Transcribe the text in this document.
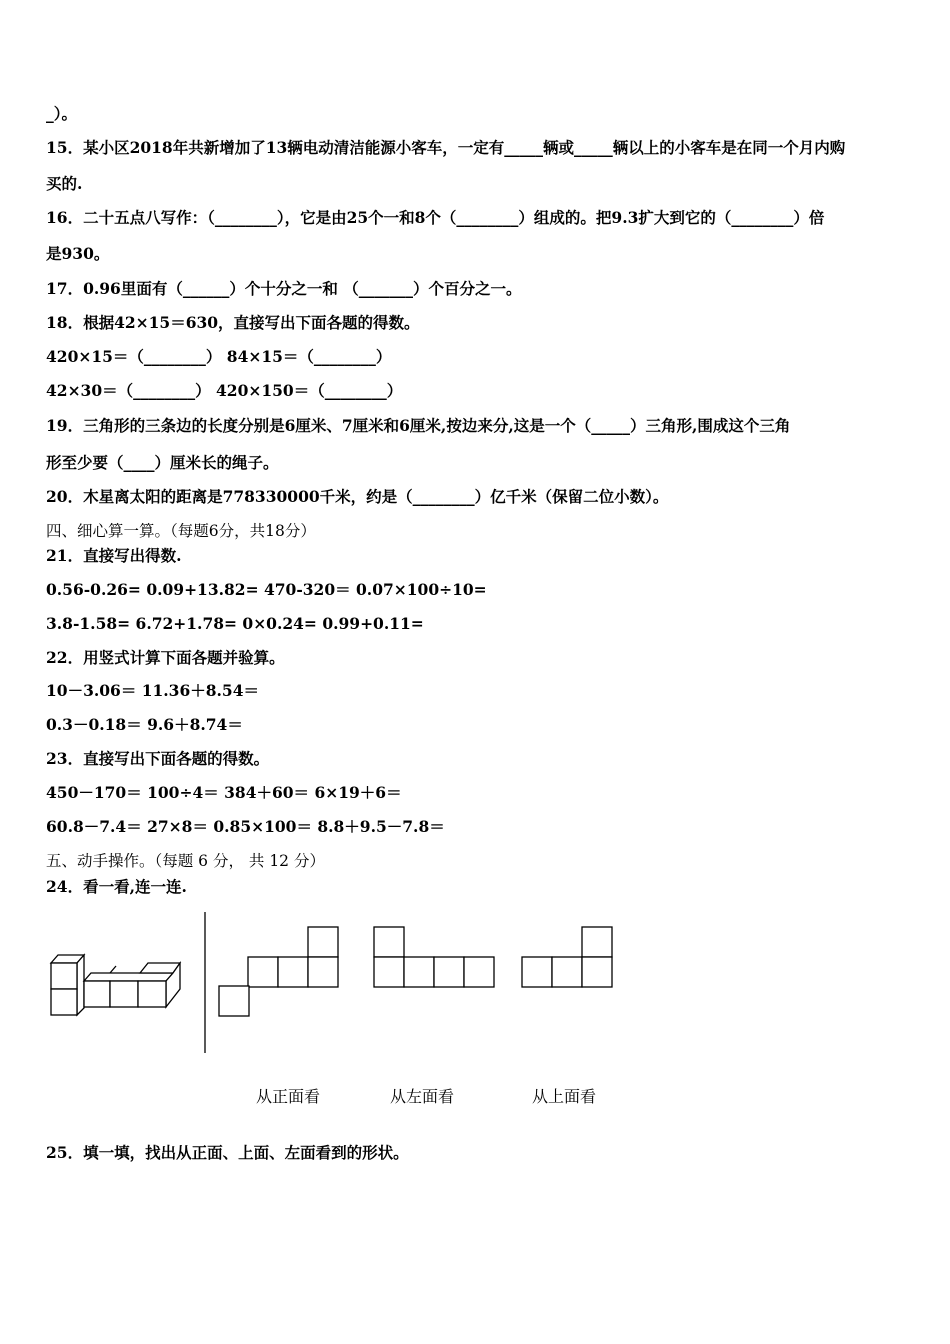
_）。
15．某小区2018年共新增加了13辆电动清洁能源小客车，一定有_____辆或_____辆以上的小客车是在同一个月内购
买的.
16．二十五点八写作：（________），它是由25个一和8个（________）组成的。把9.3扩大到它的（________）倍
是930。
17．0.96里面有（______）个十分之一和 （_______）个百分之一。
18．根据42×15＝630，直接写出下面各题的得数。
420×15＝（________） 84×15＝（________）
42×30＝（________） 420×150＝（________）
19．三角形的三条边的长度分别是6厘米、7厘米和6厘米,按边来分,这是一个（_____）三角形,围成这个三角
形至少要（____）厘米长的绳子。
20．木星离太阳的距离是778330000千米，约是（________）亿千米（保留二位小数）。
四、细心算一算。（每题6分，共18分）
21．直接写出得数.
0.56-0.26= 0.09+13.82= 470-320＝ 0.07×100÷10=
3.8-1.58= 6.72+1.78= 0×0.24= 0.99+0.11=
22．用竖式计算下面各题并验算。
10－3.06＝ 11.36＋8.54＝
0.3－0.18＝ 9.6＋8.74＝
23．直接写出下面各题的得数。
450－170＝ 100÷4＝ 384＋60＝ 6×19＋6＝
60.8－7.4＝ 27×8＝ 0.85×100＝ 8.8＋9.5－7.8＝
五、动手操作。（每题 6 分， 共 12 分）
24．看一看,连一连.
从正面看	从左面看	从上面看
25．填一填，找出从正面、上面、左面看到的形状。
